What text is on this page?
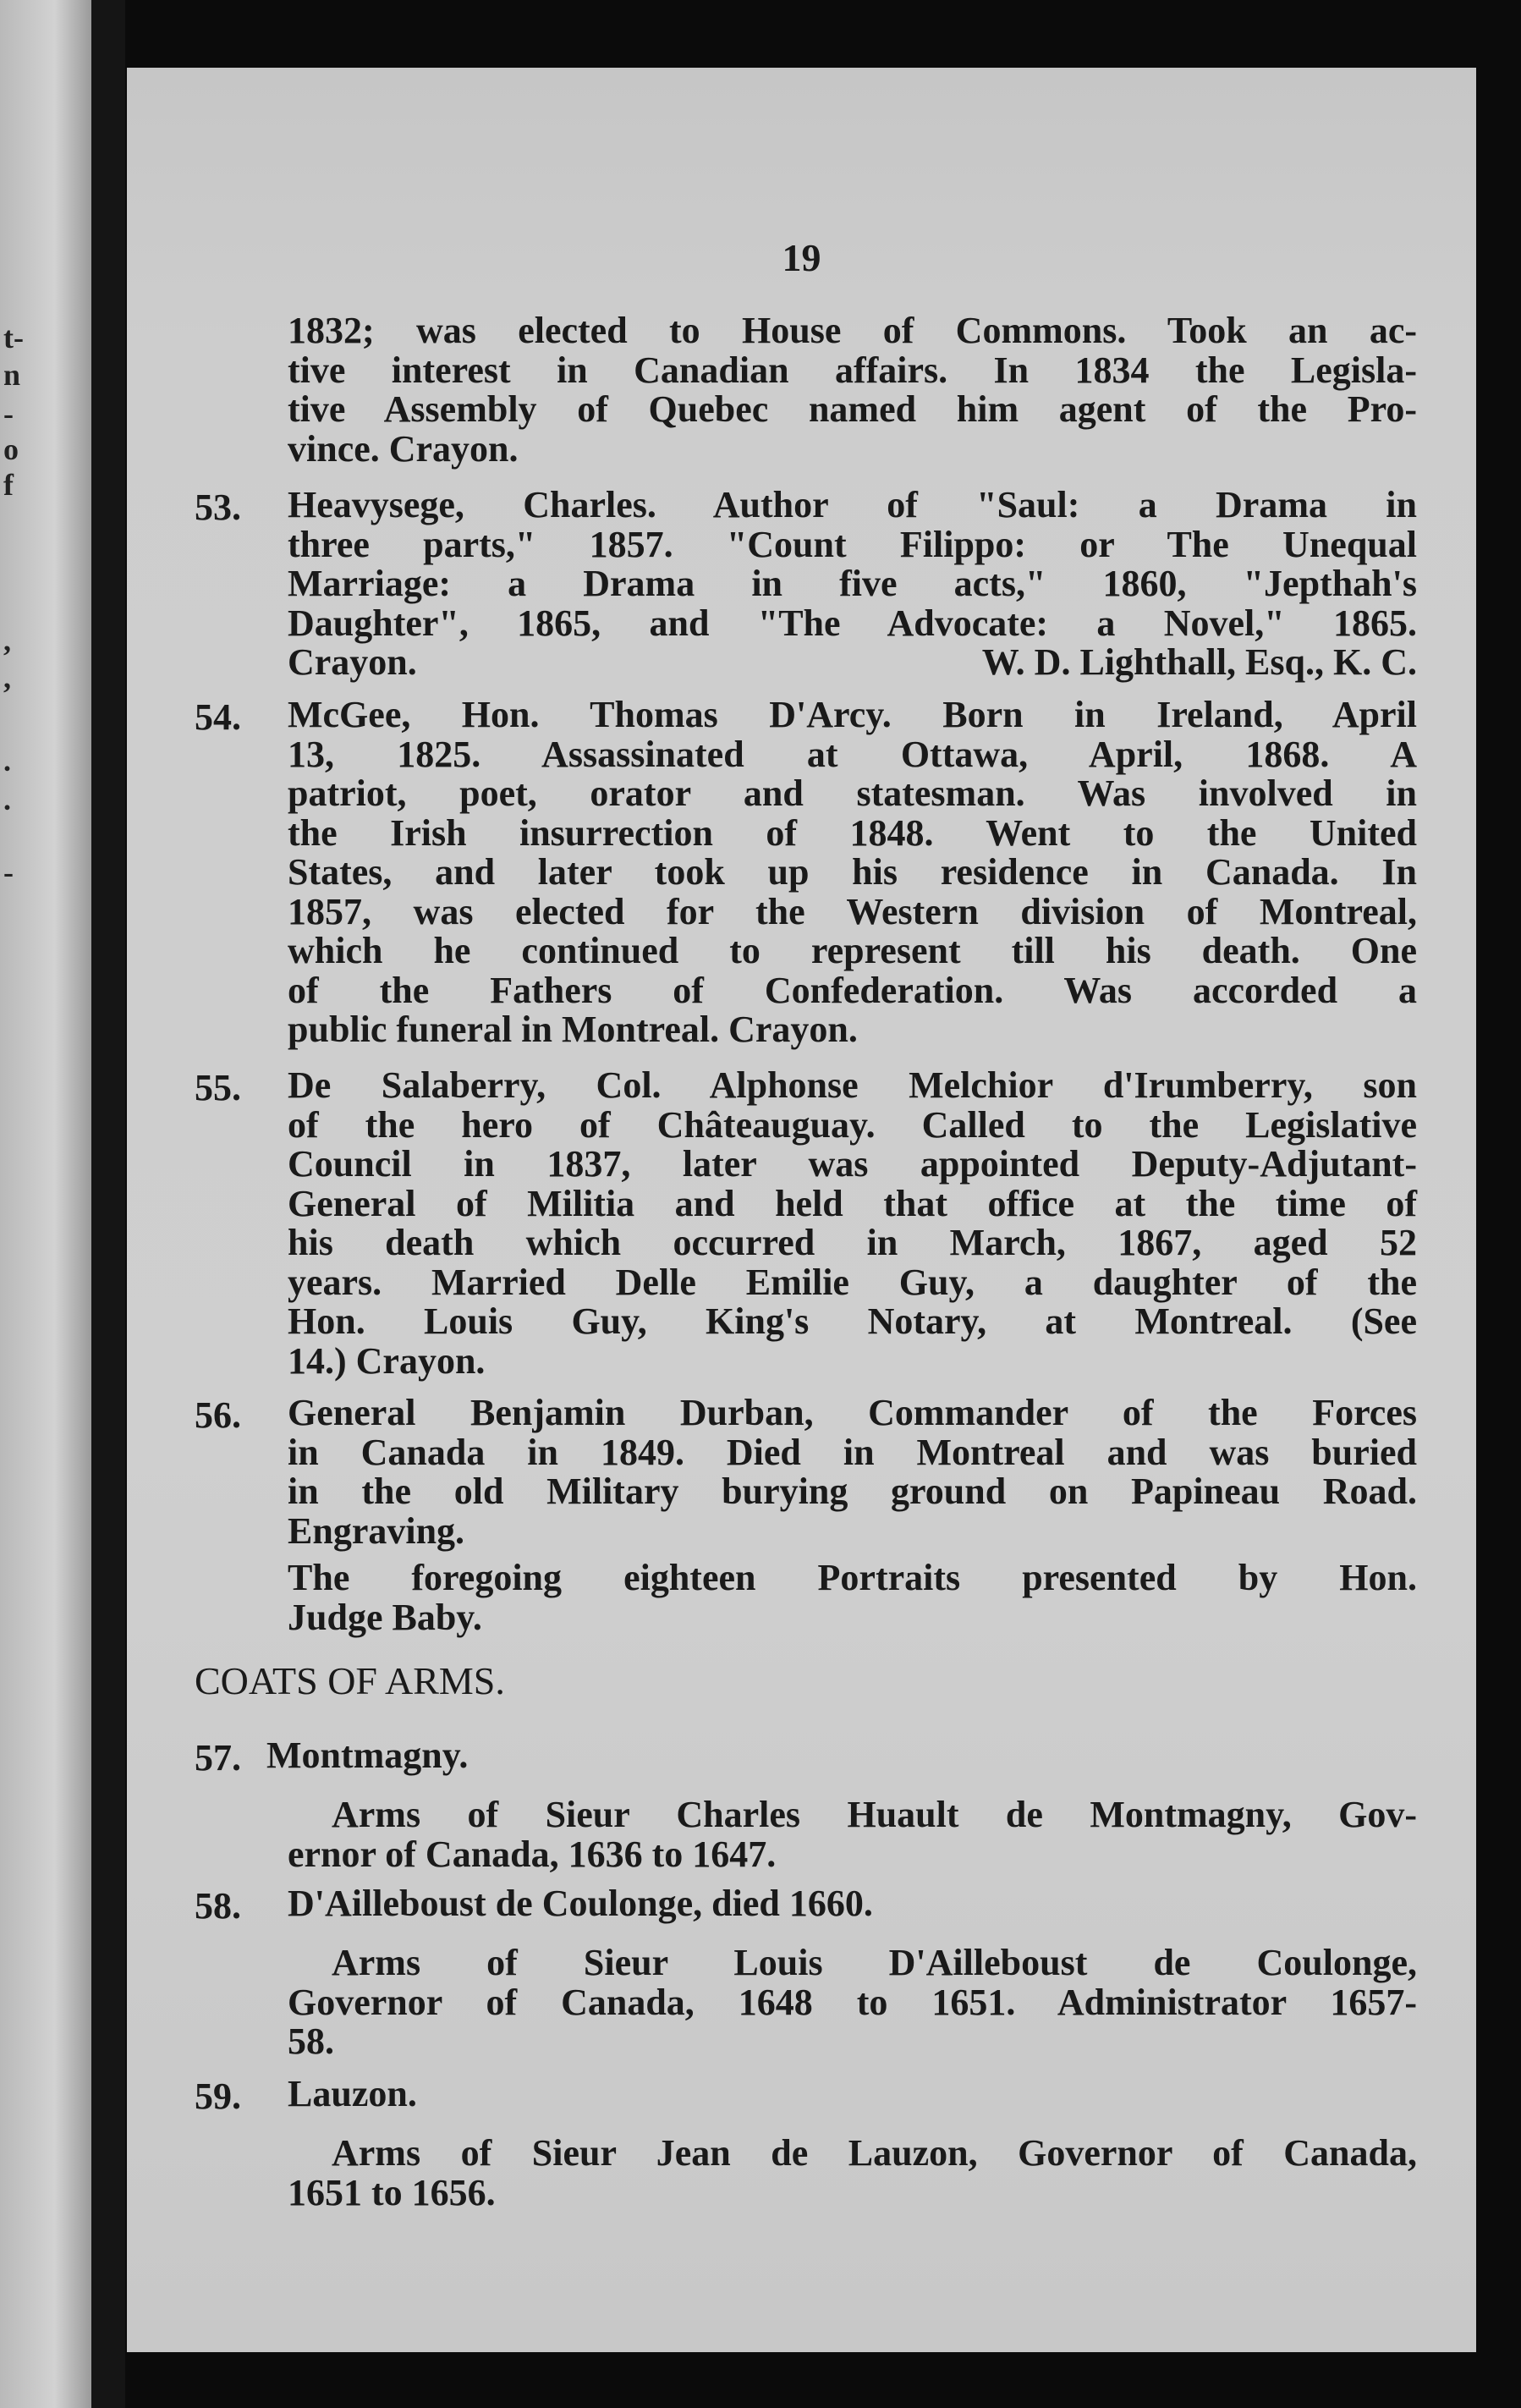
t-
n
-
o
f
,
,
.
.
-
19
1832; was elected to House of Commons. Took an ac-
tive interest in Canadian affairs. In 1834 the Legisla-
tive Assembly of Quebec named him agent of the Pro-
vince. Crayon.
53. Heavysege, Charles. Author of "Saul: a Drama in
three parts," 1857. "Count Filippo: or The Unequal
Marriage: a Drama in five acts," 1860, "Jepthah's
Daughter", 1865, and "The Advocate: a Novel," 1865.
Crayon.	W. D. Lighthall, Esq., K. C.
54. McGee, Hon. Thomas D'Arcy. Born in Ireland, April
13, 1825. Assassinated at Ottawa, April, 1868. A
patriot, poet, orator and statesman. Was involved in
the Irish insurrection of 1848. Went to the United
States, and later took up his residence in Canada. In
1857, was elected for the Western division of Montreal,
which he continued to represent till his death. One
of the Fathers of Confederation. Was accorded a
public funeral in Montreal. Crayon.
55. De Salaberry, Col. Alphonse Melchior d'Irumberry, son
of the hero of Châteauguay. Called to the Legislative
Council in 1837, later was appointed Deputy-Adjutant-
General of Militia and held that office at the time of
his death which occurred in March, 1867, aged 52
years. Married Delle Emilie Guy, a daughter of the
Hon. Louis Guy, King's Notary, at Montreal. (See
14.) Crayon.
56. General Benjamin Durban, Commander of the Forces
in Canada in 1849. Died in Montreal and was buried
in the old Military burying ground on Papineau Road.
Engraving.
The foregoing eighteen Portraits presented by Hon.
Judge Baby.
COATS OF ARMS.
57. Montmagny.
Arms of Sieur Charles Huault de Montmagny, Gov-
ernor of Canada, 1636 to 1647.
58. D'Ailleboust de Coulonge, died 1660.
Arms of Sieur Louis D'Ailleboust de Coulonge,
Governor of Canada, 1648 to 1651. Administrator 1657-
58.
59. Lauzon.
Arms of Sieur Jean de Lauzon, Governor of Canada,
1651 to 1656.
